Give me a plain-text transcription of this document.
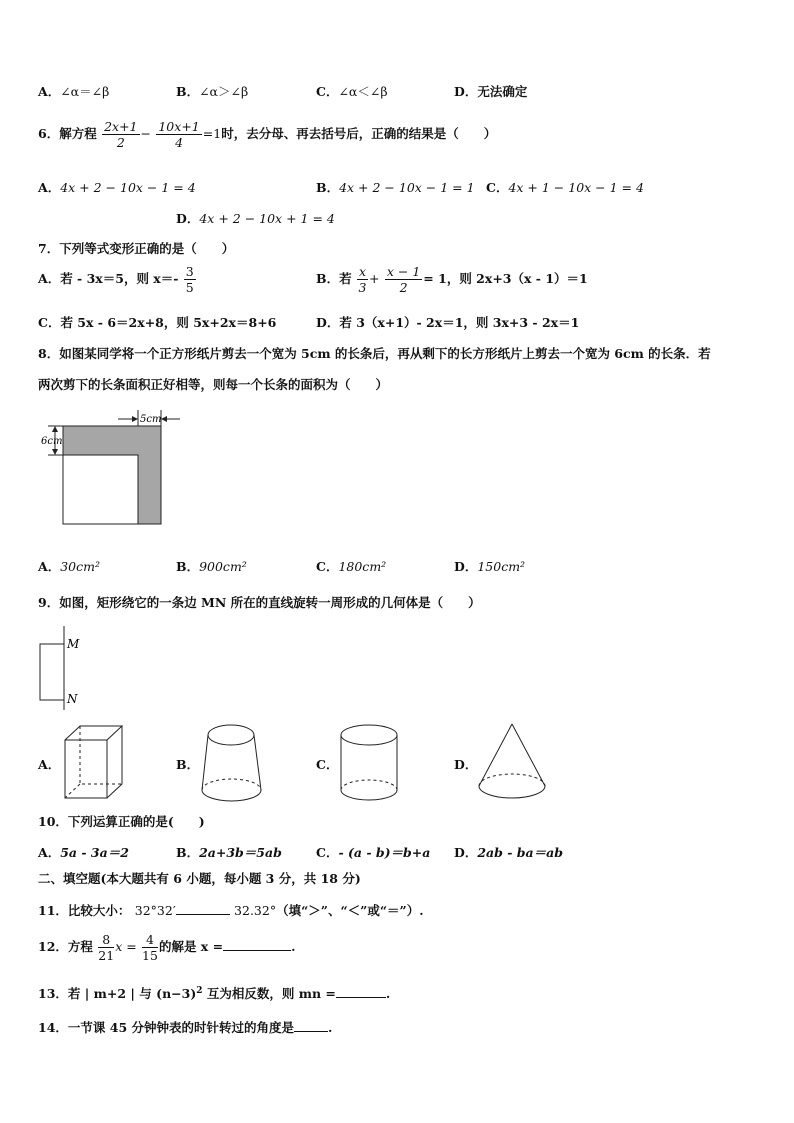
A．∠α＝∠β	B．∠α＞∠β	C．∠α＜∠β	D．无法确定
6．解方程 $\frac{2x+1}{2} - \frac{10x+1}{4} =1$时，去分母、再去括号后，正确的结果是（　　）
A．4x + 2 − 10x − 1 = 4	B．4x + 2 − 10x − 1 = 1 C．4x + 1 − 10x − 1 = 4
D．4x + 2 − 10x + 1 = 4
7．下列等式变形正确的是（　　）
A．若 - 3x＝5，则 $x=- \frac{3}{5}$	B．若 $\frac{x}{3} + \frac{x - 1}{2} = 1$，则 2x+3（x - 1）＝1
C．若 5x - 6＝2x+8，则 5x+2x＝8+6	D．若 3（x+1）- 2x＝1，则 3x+3 - 2x＝1
8．如图某同学将一个正方形纸片剪去一个宽为 5cm 的长条后，再从剩下的长方形纸片上剪去一个宽为 6cm 的长条．若
两次剪下的长条面积正好相等，则每一个长条的面积为（　　）
5cm
6cm
A．30cm²	B．900cm²	C．180cm²	D．150cm²
9．如图，矩形绕它的一条边 MN 所在的直线旋转一周形成的几何体是（　　）
M
N
A．	B．	C．	D．
10．下列运算正确的是(　　)
A．5a - 3a＝2	B．2a+3b＝5ab	C．- (a - b)＝b+a D．2ab - ba＝ab
二、填空题(本大题共有 6 小题，每小题 3 分，共 18 分)
11．比较大小： 32°32′	32.32°（填“＞”、“＜”或“＝”）.
12．方程 $\frac{8}{21}$ $x = \frac{4}{15}$ 的解是 x =	.
13．若 | m+2 | 与 $(n-3)^2$ 互为相反数，则 mn =	.
14．一节课 45 分钟钟表的时针转过的角度是	.
